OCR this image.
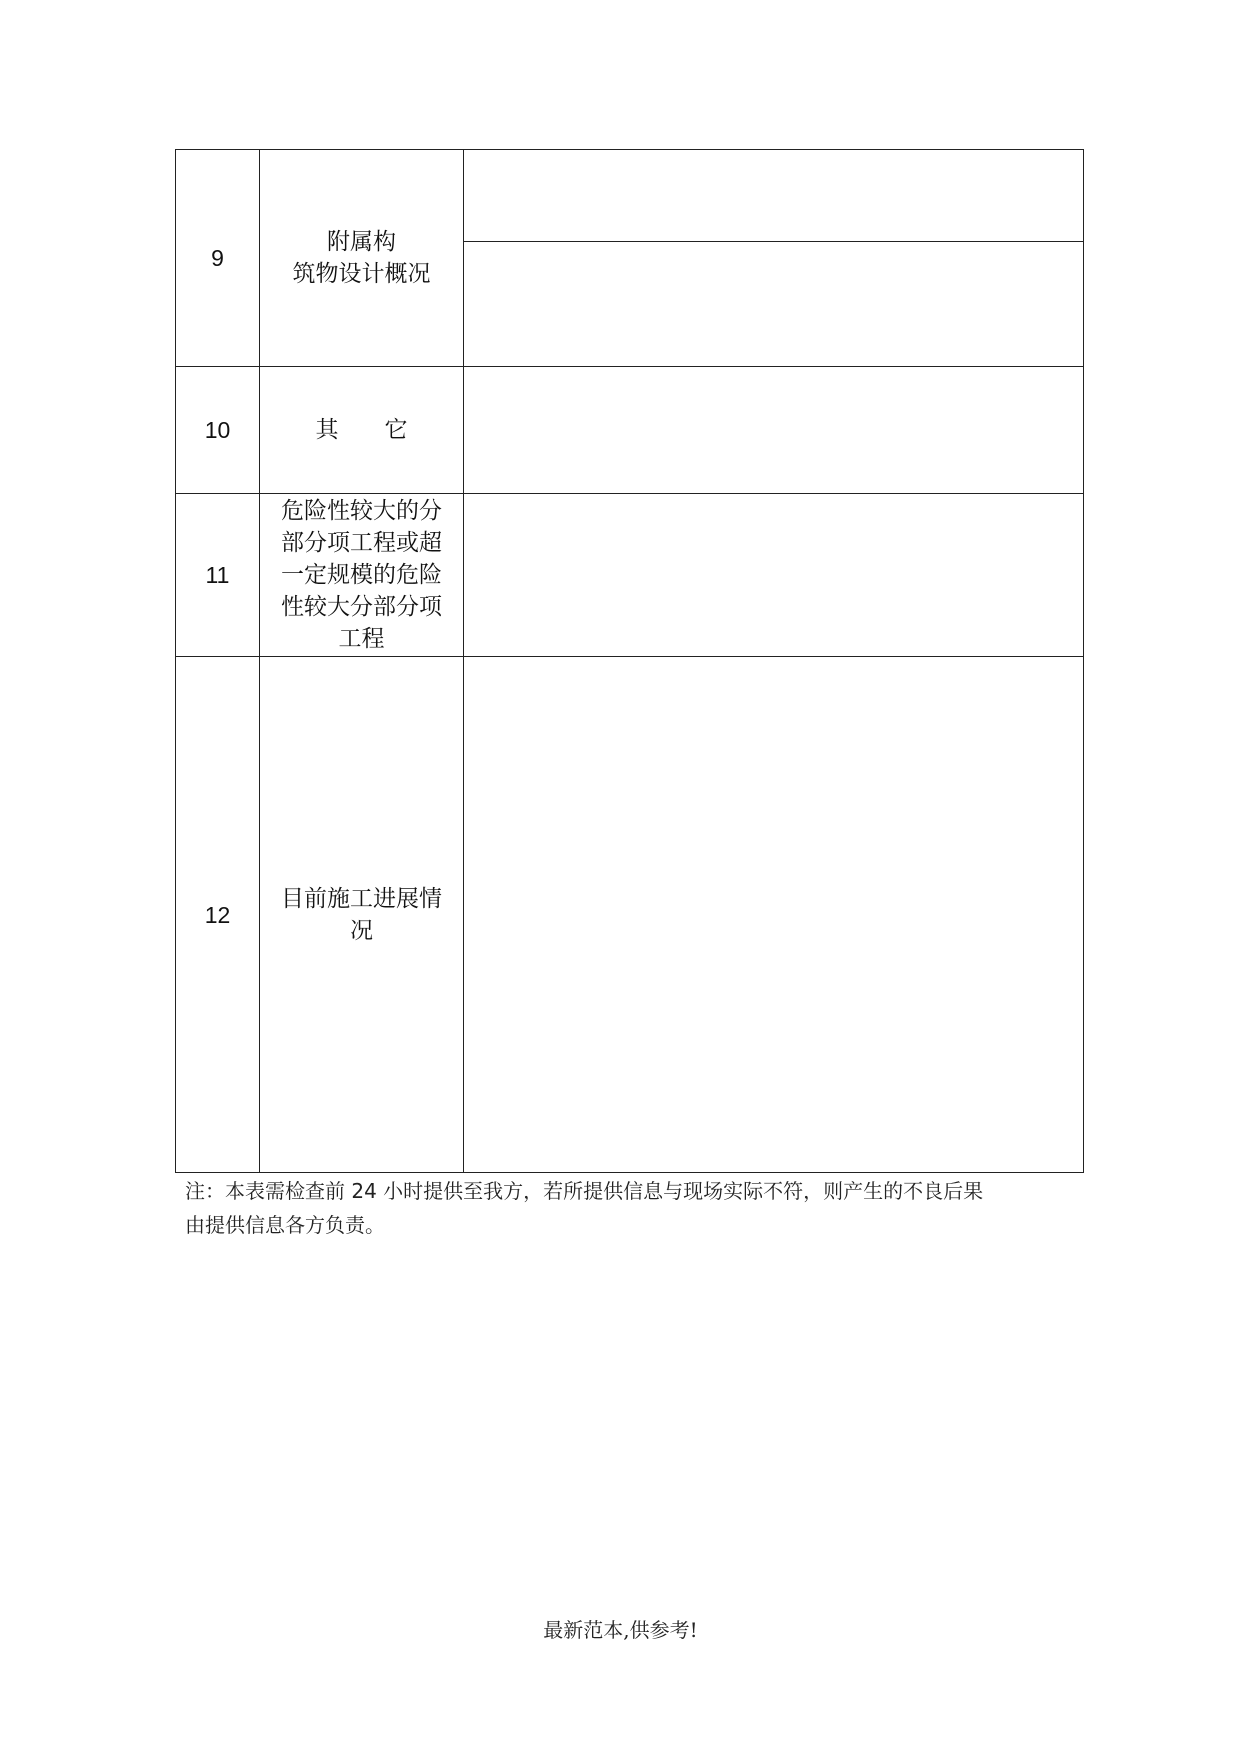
9	附属构
筑物设计概况	

10	其　　它	
11	危险性较大的分
部分项工程或超
一定规模的危险
性较大分部分项
工程	

12	目前施工进展情
况	

注：本表需检查前 24 小时提供至我方，若所提供信息与现场实际不符，则产生的不良后果
由提供信息各方负责。
最新范本,供参考!
